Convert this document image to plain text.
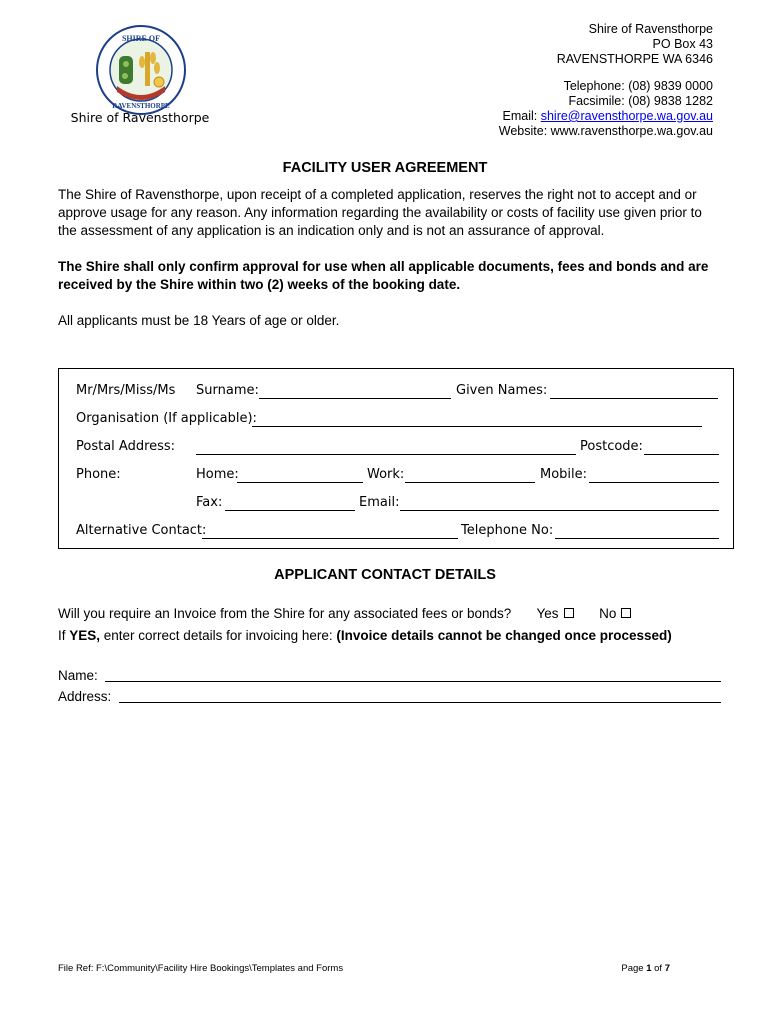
SHIRE OF
RAVENSTHORPE
Shire of Ravensthorpe
Shire of Ravensthorpe
PO Box 43
RAVENSTHORPE WA 6346
Telephone: (08) 9839 0000
Facsimile: (08) 9838 1282
Email: shire@ravensthorpe.wa.gov.au
Website: www.ravensthorpe.wa.gov.au
FACILITY USER AGREEMENT
The Shire of Ravensthorpe, upon receipt of a completed application, reserves the right not to accept and or approve usage for any reason. Any information regarding the availability or costs of facility use given prior to the assessment of any application is an indication only and is not an assurance of approval.
The Shire shall only confirm approval for use when all applicable documents, fees and bonds and are received by the Shire within two (2) weeks of the booking date.
All applicants must be 18 Years of age or older.
Mr/Mrs/Miss/Ms Surname:	Given Names:
Organisation (If applicable):
Postal Address:	Postcode:
Phone:	Home:	Work:	Mobile:
Fax:	Email:
Alternative Contact:	Telephone No:
APPLICANT CONTACT DETAILS
Will you require an Invoice from the Shire for any associated fees or bonds? Yes	No
If YES, enter correct details for invoicing here: (Invoice details cannot be changed once processed)
Name:
Address:
File Ref: F:\Community\Facility Hire Bookings\Templates and Forms	Page 1 of 7
